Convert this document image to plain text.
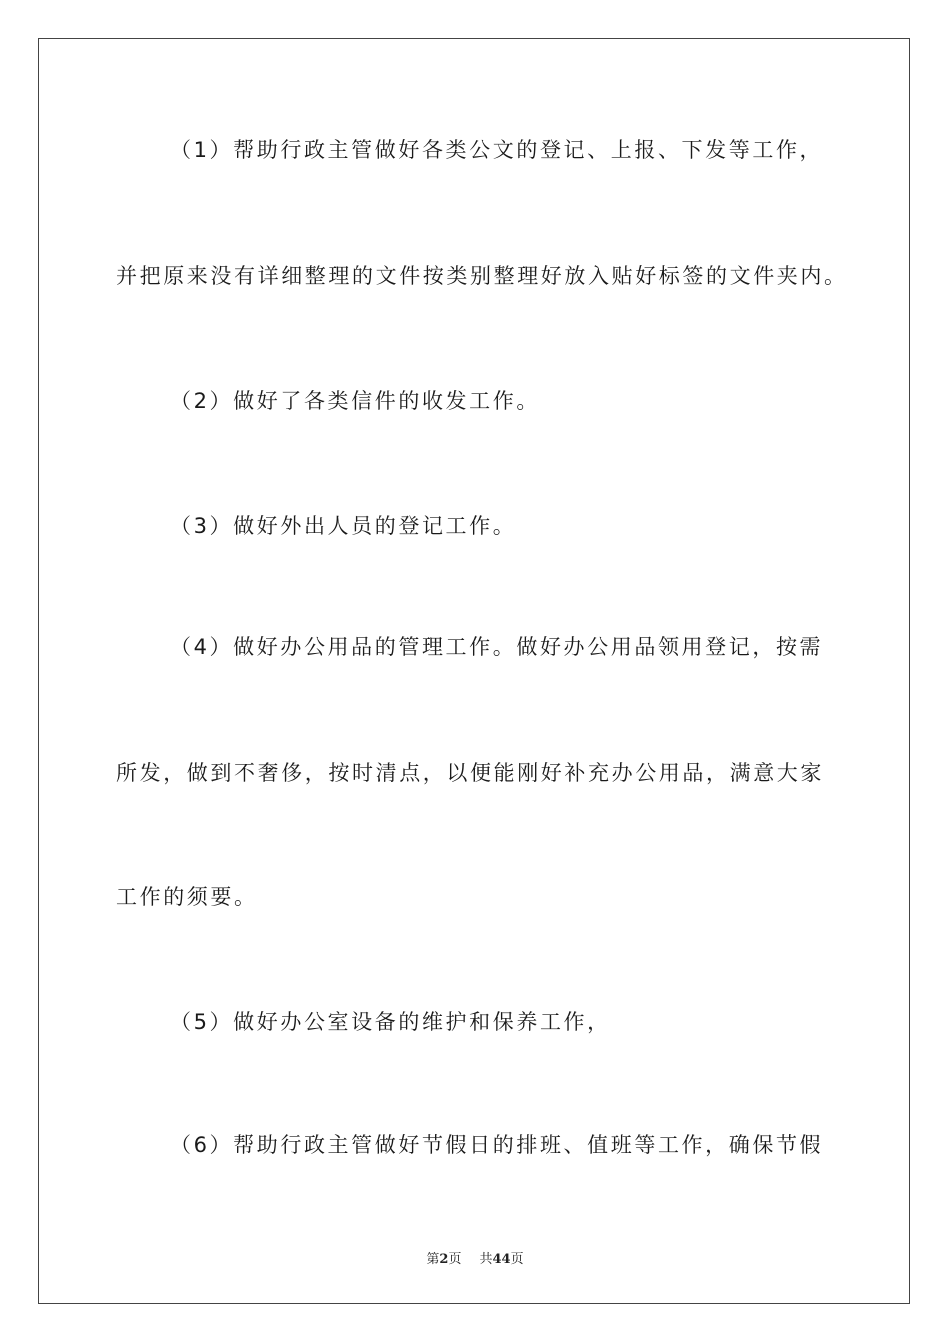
（1）帮助行政主管做好各类公文的登记、上报、下发等工作，
并把原来没有详细整理的文件按类别整理好放入贴好标签的文件夹内。
（2）做好了各类信件的收发工作。
（3）做好外出人员的登记工作。
（4）做好办公用品的管理工作。做好办公用品领用登记，按需
所发，做到不奢侈，按时清点，以便能刚好补充办公用品，满意大家
工作的须要。
（5）做好办公室设备的维护和保养工作，
（6）帮助行政主管做好节假日的排班、值班等工作，确保节假
第2页 共44页
